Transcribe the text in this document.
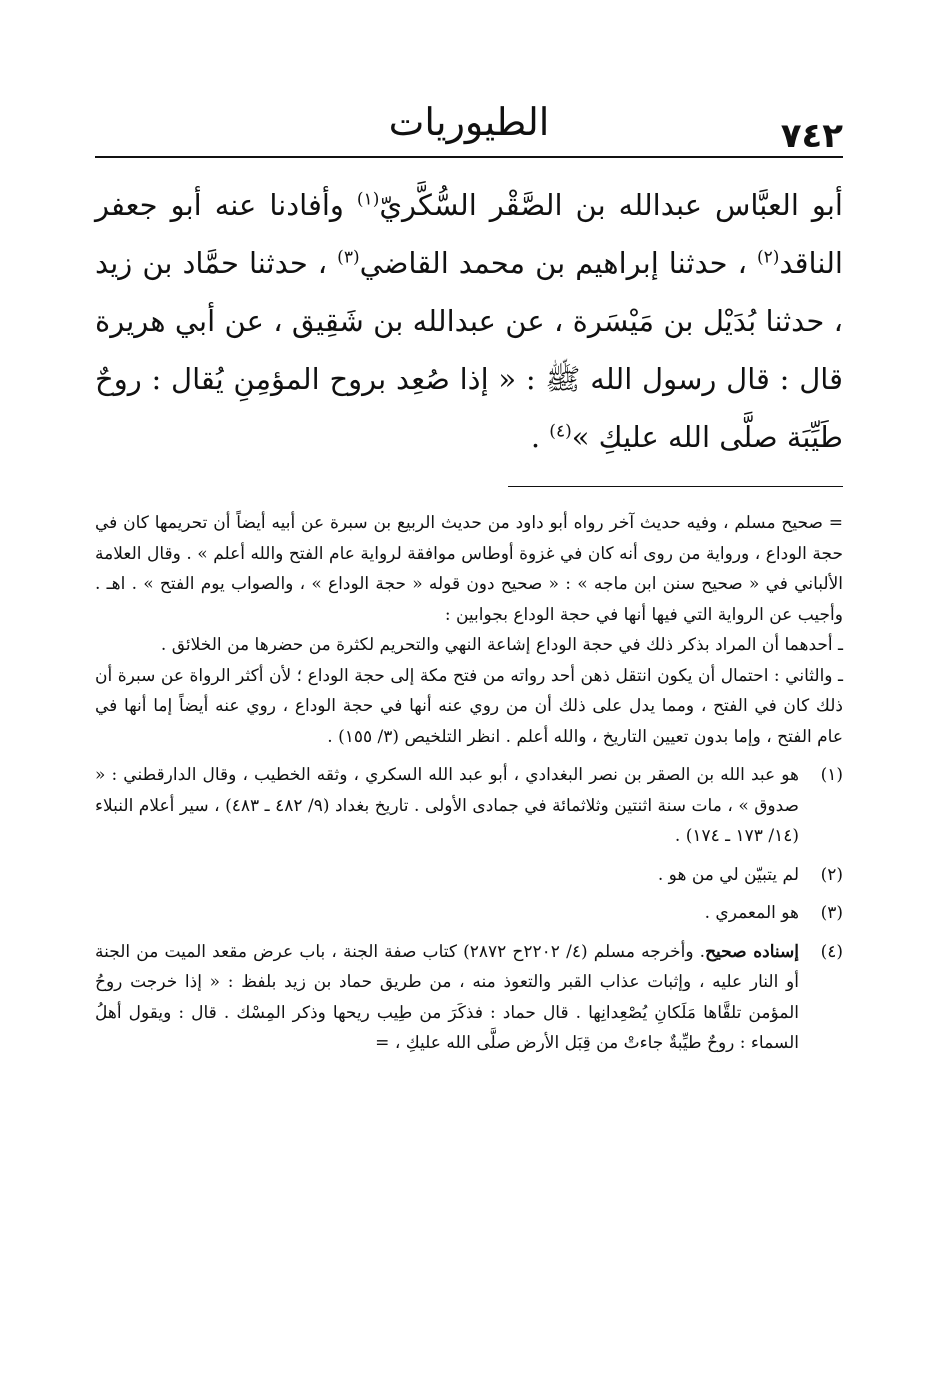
٧٤٢
الطيوريات

أبو العبَّاس عبدالله بن الصَّقْر السُّكَّريّ$^{(١)}$ وأفادنا عنه أبو جعفر الناقد$^{(٢)}$ ، حدثنا إبراهيم بن محمد القاضي$^{(٣)}$ ، حدثنا حمَّاد بن زيد ، حدثنا بُدَيْل بن مَيْسَرة ، عن عبدالله بن شَقِيق ، عن أبي هريرة قال : قال رسول الله ﷺ : « إذا صُعِد بروح المؤمِنِ يُقال : روحٌ طَيِّبَة صلَّى الله عليكِ »$^{(٤)}$ .

= صحيح مسلم ، وفيه حديث آخر رواه أبو داود من حديث الربيع بن سبرة عن أبيه أيضاً أن تحريمها كان في حجة الوداع ، ورواية من روى أنه كان في غزوة أوطاس موافقة لرواية عام الفتح والله أعلم » . وقال العلامة الألباني في « صحيح سنن ابن ماجه » : « صحيح دون قوله « حجة الوداع » ، والصواب يوم الفتح » . اهـ . وأجيب عن الرواية التي فيها أنها في حجة الوداع بجوابين :

ـ أحدهما أن المراد بذكر ذلك في حجة الوداع إشاعة النهي والتحريم لكثرة من حضرها من الخلائق .

ـ والثاني : احتمال أن يكون انتقل ذهن أحد رواته من فتح مكة إلى حجة الوداع ؛ لأن أكثر الرواة عن سبرة أن ذلك كان في الفتح ، ومما يدل على ذلك أن من روي عنه أنها في حجة الوداع ، روي عنه أيضاً إما أنها في عام الفتح ، وإما بدون تعيين التاريخ ، والله أعلم . انظر التلخيص (٣/ ١٥٥) .

(١)
هو عبد الله بن الصقر بن نصر البغدادي ، أبو عبد الله السكري ، وثقه الخطيب ، وقال الدارقطني : « صدوق » ، مات سنة اثنتين وثلاثمائة في جمادى الأولى . تاريخ بغداد (٩/ ٤٨٢ ـ ٤٨٣) ، سير أعلام النبلاء (١٤/ ١٧٣ ـ ١٧٤) .
(٢)
لم يتبيّن لي من هو .
(٣)
هو المعمري .
(٤)
إسناده صحيح. وأخرجه مسلم (٤/ ٢٢٠٢ح ٢٨٧٢) كتاب صفة الجنة ، باب عرض مقعد الميت من الجنة أو النار عليه ، وإثبات عذاب القبر والتعوذ منه ، من طريق حماد بن زيد بلفظ : « إذا خرجت روحُ المؤمن تلقَّاها مَلَكانِ يُصْعِدانِها . قال حماد : فذكَرَ من طِيب ريحها وذكر المِسْك . قال : ويقول أهلُ السماء : روحٌ طيِّبةٌ جاءتْ من قِبَل الأرض صلَّى الله عليكِ ، =
